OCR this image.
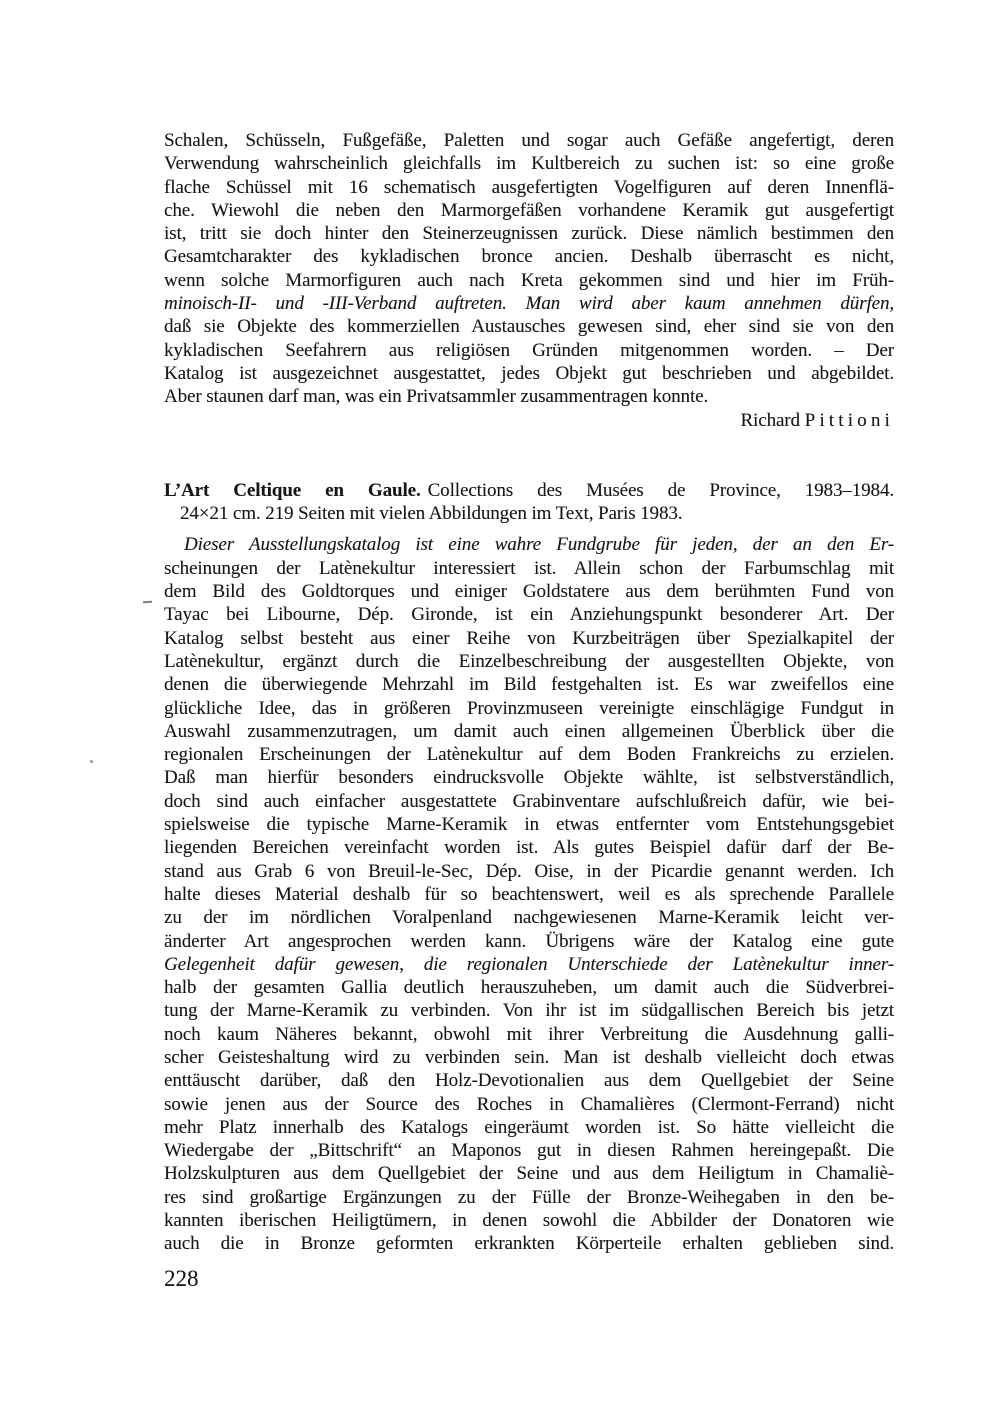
Schalen, Schüsseln, Fußgefäße, Paletten und sogar auch Gefäße angefertigt, deren
Verwendung wahrscheinlich gleichfalls im Kultbereich zu suchen ist: so eine große
flache Schüssel mit 16 schematisch ausgefertigten Vogelfiguren auf deren Innenflä-
che. Wiewohl die neben den Marmorgefäßen vorhandene Keramik gut ausgefertigt
ist, tritt sie doch hinter den Steinerzeugnissen zurück. Diese nämlich bestimmen den
Gesamtcharakter des kykladischen bronce ancien. Deshalb überrascht es nicht,
wenn solche Marmorfiguren auch nach Kreta gekommen sind und hier im Früh-
minoisch-II- und -III-Verband auftreten. Man wird aber kaum annehmen dürfen,
daß sie Objekte des kommerziellen Austausches gewesen sind, eher sind sie von den
kykladischen Seefahrern aus religiösen Gründen mitgenommen worden. – Der
Katalog ist ausgezeichnet ausgestattet, jedes Objekt gut beschrieben und abgebildet.
Aber staunen darf man, was ein Privatsammler zusammentragen konnte.
Richard Pittioni
L’Art Celtique en Gaule. Collections des Musées de Province, 1983–1984.
24×21 cm. 219 Seiten mit vielen Abbildungen im Text, Paris 1983.
Dieser Ausstellungskatalog ist eine wahre Fundgrube für jeden, der an den Er-
scheinungen der Latènekultur interessiert ist. Allein schon der Farbumschlag mit
dem Bild des Goldtorques und einiger Goldstatere aus dem berühmten Fund von
Tayac bei Libourne, Dép. Gironde, ist ein Anziehungspunkt besonderer Art. Der
Katalog selbst besteht aus einer Reihe von Kurzbeiträgen über Spezialkapitel der
Latènekultur, ergänzt durch die Einzelbeschreibung der ausgestellten Objekte, von
denen die überwiegende Mehrzahl im Bild festgehalten ist. Es war zweifellos eine
glückliche Idee, das in größeren Provinzmuseen vereinigte einschlägige Fundgut in
Auswahl zusammenzutragen, um damit auch einen allgemeinen Überblick über die
regionalen Erscheinungen der Latènekultur auf dem Boden Frankreichs zu erzielen.
Daß man hierfür besonders eindrucksvolle Objekte wählte, ist selbstverständlich,
doch sind auch einfacher ausgestattete Grabinventare aufschlußreich dafür, wie bei-
spielsweise die typische Marne-Keramik in etwas entfernter vom Entstehungsgebiet
liegenden Bereichen vereinfacht worden ist. Als gutes Beispiel dafür darf der Be-
stand aus Grab 6 von Breuil-le-Sec, Dép. Oise, in der Picardie genannt werden. Ich
halte dieses Material deshalb für so beachtenswert, weil es als sprechende Parallele
zu der im nördlichen Voralpenland nachgewiesenen Marne-Keramik leicht ver-
änderter Art angesprochen werden kann. Übrigens wäre der Katalog eine gute
Gelegenheit dafür gewesen, die regionalen Unterschiede der Latènekultur inner-
halb der gesamten Gallia deutlich herauszuheben, um damit auch die Südverbrei-
tung der Marne-Keramik zu verbinden. Von ihr ist im südgallischen Bereich bis jetzt
noch kaum Näheres bekannt, obwohl mit ihrer Verbreitung die Ausdehnung galli-
scher Geisteshaltung wird zu verbinden sein. Man ist deshalb vielleicht doch etwas
enttäuscht darüber, daß den Holz-Devotionalien aus dem Quellgebiet der Seine
sowie jenen aus der Source des Roches in Chamalières (Clermont-Ferrand) nicht
mehr Platz innerhalb des Katalogs eingeräumt worden ist. So hätte vielleicht die
Wiedergabe der „Bittschrift“ an Maponos gut in diesen Rahmen hereingepaßt. Die
Holzskulpturen aus dem Quellgebiet der Seine und aus dem Heiligtum in Chamaliè-
res sind großartige Ergänzungen zu der Fülle der Bronze-Weihegaben in den be-
kannten iberischen Heiligtümern, in denen sowohl die Abbilder der Donatoren wie
auch die in Bronze geformten erkrankten Körperteile erhalten geblieben sind.
228
